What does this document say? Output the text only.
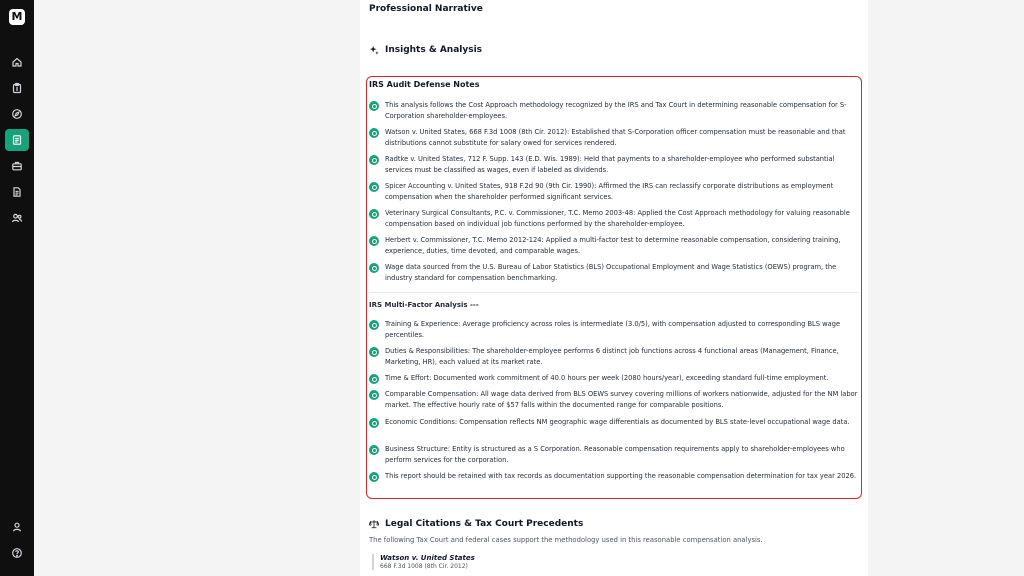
M
Professional Narrative
Insights & Analysis
IRS Audit Defense Notes
This analysis follows the Cost Approach methodology recognized by the IRS and Tax Court in determining reasonable compensation for S-Corporation shareholder-employees.
Watson v. United States, 668 F.3d 1008 (8th Cir. 2012): Established that S-Corporation officer compensation must be reasonable and that distributions cannot substitute for salary owed for services rendered.
Radtke v. United States, 712 F. Supp. 143 (E.D. Wis. 1989): Held that payments to a shareholder-employee who performed substantial services must be classified as wages, even if labeled as dividends.
Spicer Accounting v. United States, 918 F.2d 90 (9th Cir. 1990): Affirmed the IRS can reclassify corporate distributions as employment compensation when the shareholder performed significant services.
Veterinary Surgical Consultants, P.C. v. Commissioner, T.C. Memo 2003-48: Applied the Cost Approach methodology for valuing reasonable compensation based on individual job functions performed by the shareholder-employee.
Herbert v. Commissioner, T.C. Memo 2012-124: Applied a multi-factor test to determine reasonable compensation, considering training, experience, duties, time devoted, and comparable wages.
Wage data sourced from the U.S. Bureau of Labor Statistics (BLS) Occupational Employment and Wage Statistics (OEWS) program, the industry standard for compensation benchmarking.
IRS Multi-Factor Analysis ---
Training & Experience: Average proficiency across roles is intermediate (3.0/5), with compensation adjusted to corresponding BLS wage percentiles.
Duties & Responsibilities: The shareholder-employee performs 6 distinct job functions across 4 functional areas (Management, Finance, Marketing, HR), each valued at its market rate.
Time & Effort: Documented work commitment of 40.0 hours per week (2080 hours/year), exceeding standard full-time employment.
Comparable Compensation: All wage data derived from BLS OEWS survey covering millions of workers nationwide, adjusted for the NM labor market. The effective hourly rate of $57 falls within the documented range for comparable positions.
Economic Conditions: Compensation reflects NM geographic wage differentials as documented by BLS state-level occupational wage data.
Business Structure: Entity is structured as a S Corporation. Reasonable compensation requirements apply to shareholder-employees who perform services for the corporation.
This report should be retained with tax records as documentation supporting the reasonable compensation determination for tax year 2026.
Legal Citations & Tax Court Precedents
The following Tax Court and federal cases support the methodology used in this reasonable compensation analysis.
Watson v. United States
668 F.3d 1008 (8th Cir. 2012)
